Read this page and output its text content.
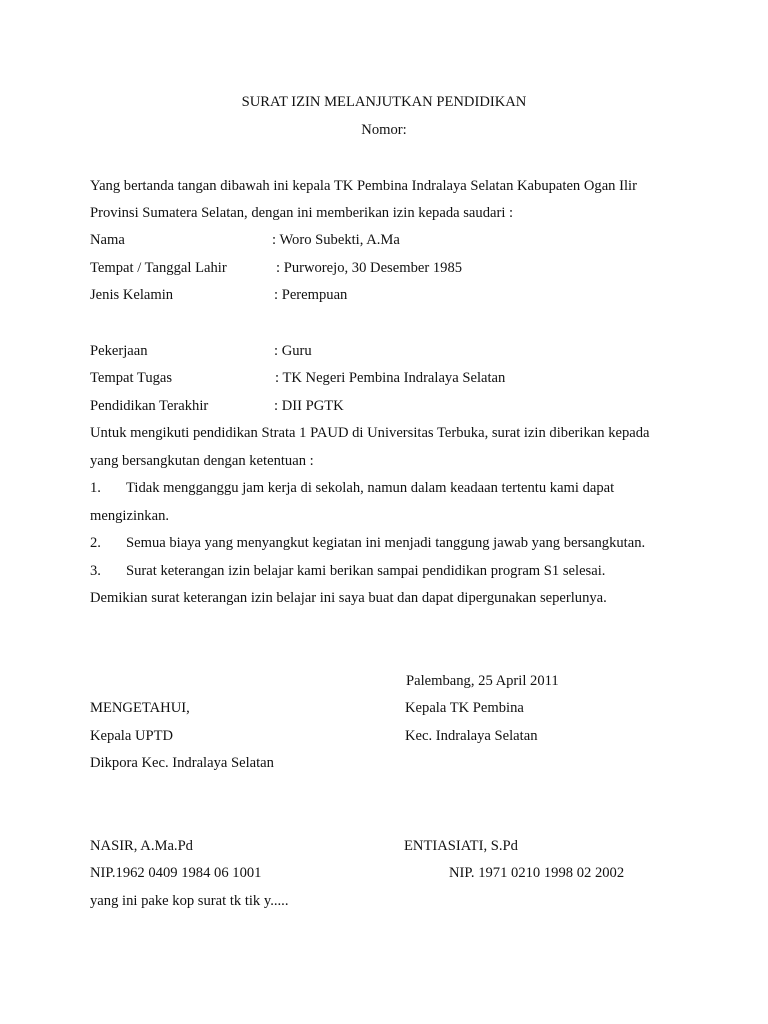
SURAT IZIN MELANJUTKAN PENDIDIKAN
Nomor:
Yang bertanda tangan dibawah ini kepala TK Pembina Indralaya Selatan Kabupaten Ogan Ilir
Provinsi Sumatera Selatan, dengan ini memberikan izin kepada saudari :
Nama	: Woro Subekti, A.Ma
Tempat / Tanggal Lahir	: Purworejo, 30 Desember 1985
Jenis Kelamin	: Perempuan
Pekerjaan	: Guru
Tempat Tugas	: TK Negeri Pembina Indralaya Selatan
Pendidikan Terakhir	: DII PGTK
Untuk mengikuti pendidikan Strata 1 PAUD di Universitas Terbuka, surat izin diberikan kepada
yang bersangkutan dengan ketentuan :
1. Tidak mengganggu jam kerja di sekolah, namun dalam keadaan tertentu kami dapat
mengizinkan.
2. Semua biaya yang menyangkut kegiatan ini menjadi tanggung jawab yang bersangkutan.
3. Surat keterangan izin belajar kami berikan sampai pendidikan program S1 selesai.
Demikian surat keterangan izin belajar ini saya buat dan dapat dipergunakan seperlunya.
Palembang, 25 April 2011
MENGETAHUI,	Kepala TK Pembina
Kepala UPTD	Kec. Indralaya Selatan
Dikpora Kec. Indralaya Selatan
NASIR, A.Ma.Pd	ENTIASIATI, S.Pd
NIP.1962 0409 1984 06 1001	NIP. 1971 0210 1998 02 2002
yang ini pake kop surat tk tik y.....
